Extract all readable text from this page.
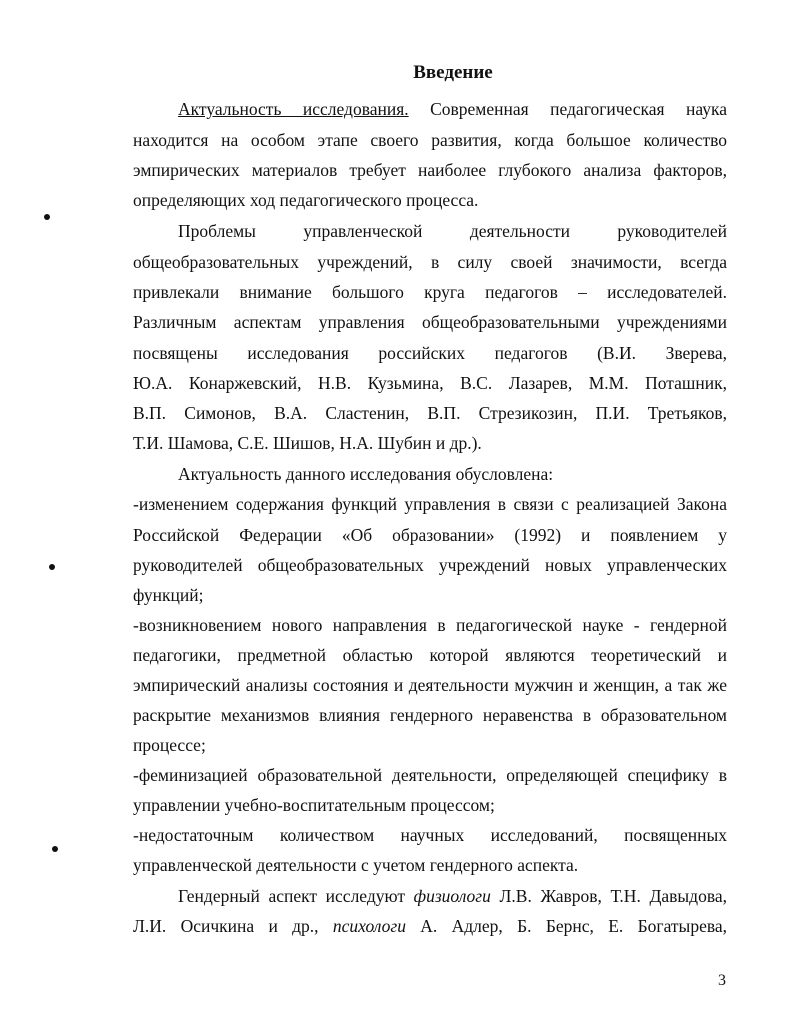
Введение
Актуальность исследования. Современная педагогическая наука
находится на особом этапе своего развития, когда большое количество
эмпирических материалов требует наиболее глубокого анализа факторов,
определяющих ход педагогического процесса.
Проблемы управленческой деятельности руководителей
общеобразовательных учреждений, в силу своей значимости, всегда
привлекали внимание большого круга педагогов – исследователей.
Различным аспектам управления общеобразовательными учреждениями
посвящены исследования российских педагогов (В.И. Зверева,
Ю.А. Конаржевский, Н.В. Кузьмина, В.С. Лазарев, М.М. Поташник,
В.П. Симонов, В.А. Сластенин, В.П. Стрезикозин, П.И. Третьяков,
Т.И. Шамова, С.Е. Шишов, Н.А. Шубин и др.).
Актуальность данного исследования обусловлена:
-изменением содержания функций управления в связи с реализацией Закона
Российской Федерации «Об образовании» (1992) и появлением у
руководителей общеобразовательных учреждений новых управленческих
функций;
-возникновением нового направления в педагогической науке - гендерной
педагогики, предметной областью которой являются теоретический и
эмпирический анализы состояния и деятельности мужчин и женщин, а так же
раскрытие механизмов влияния гендерного неравенства в образовательном
процессе;
-феминизацией образовательной деятельности, определяющей специфику в
управлении учебно-воспитательным процессом;
-недостаточным количеством научных исследований, посвященных
управленческой деятельности с учетом гендерного аспекта.
Гендерный аспект исследуют физиологи Л.В. Жавров, Т.Н. Давыдова,
Л.И. Осичкина и др., психологи А. Адлер, Б. Бернс, Е. Богатырева,
3
